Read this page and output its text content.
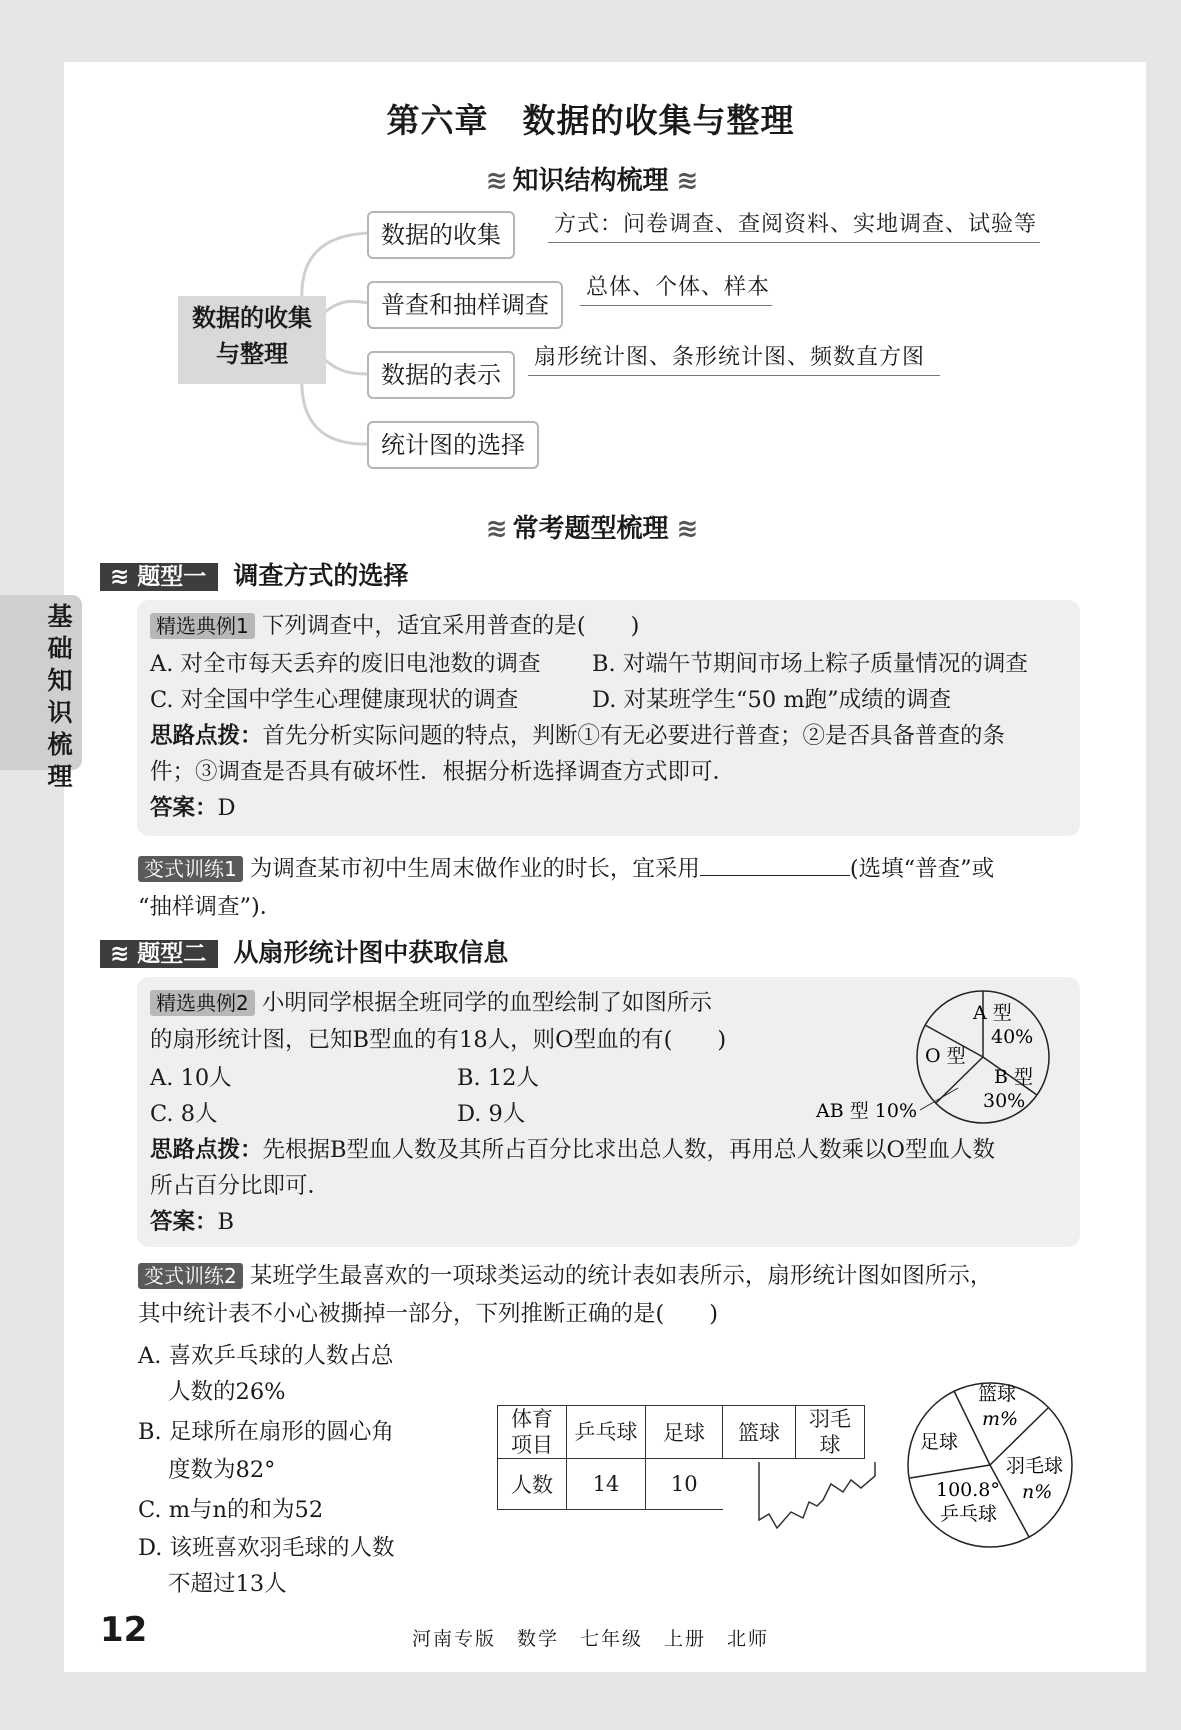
基础知识梳理
第六章　数据的收集与整理
≋ 知识结构梳理 ≋
数据的收集
与整理
数据的收集	方式：问卷调查、查阅资料、实地调查、试验等
普查和抽样调查
总体、个体、样本
数据的表示
扇形统计图、条形统计图、频数直方图
统计图的选择
≋ 常考题型梳理 ≋
≋ 题型一 调查方式的选择
精选典例1 下列调查中，适宜采用普查的是(　　)
A. 对全市每天丢弃的废旧电池数的调查 B. 对端午节期间市场上粽子质量情况的调查
C. 对全国中学生心理健康现状的调查	D. 对某班学生“50 m跑”成绩的调查
思路点拨：首先分析实际问题的特点，判断①有无必要进行普查；②是否具备普查的条
件；③调查是否具有破坏性．根据分析选择调查方式即可．
答案：D
变式训练1 为调查某市初中生周末做作业的时长，宜采用	(选填“普查”或
“抽样调查”)．
≋ 题型二 从扇形统计图中获取信息
精选典例2 小明同学根据全班同学的血型绘制了如图所示
的扇形统计图，已知B型血的有18人，则O型血的有(　　)
A. 10人	B. 12人
C. 8人	D. 9人
思路点拨：先根据B型血人数及其所占百分比求出总人数，再用总人数乘以O型血人数
所占百分比即可．
答案：B
A 型
40%
O 型
B 型
30%
AB 型 10%
变式训练2 某班学生最喜欢的一项球类运动的统计表如表所示，扇形统计图如图所示，
其中统计表不小心被撕掉一部分，下列推断正确的是(　　)
A. 喜欢乒乓球的人数占总
人数的26%
B. 足球所在扇形的圆心角
度数为82°
C. m与n的和为52
D. 该班喜欢羽毛球的人数
不超过13人
体育项目	乒乓球	足球	篮球	羽毛球
人数	14	10		
篮球
m%
足球
羽毛球
n%
100.8°
乒乓球
12	河南专版　数学　七年级　上册　北师
